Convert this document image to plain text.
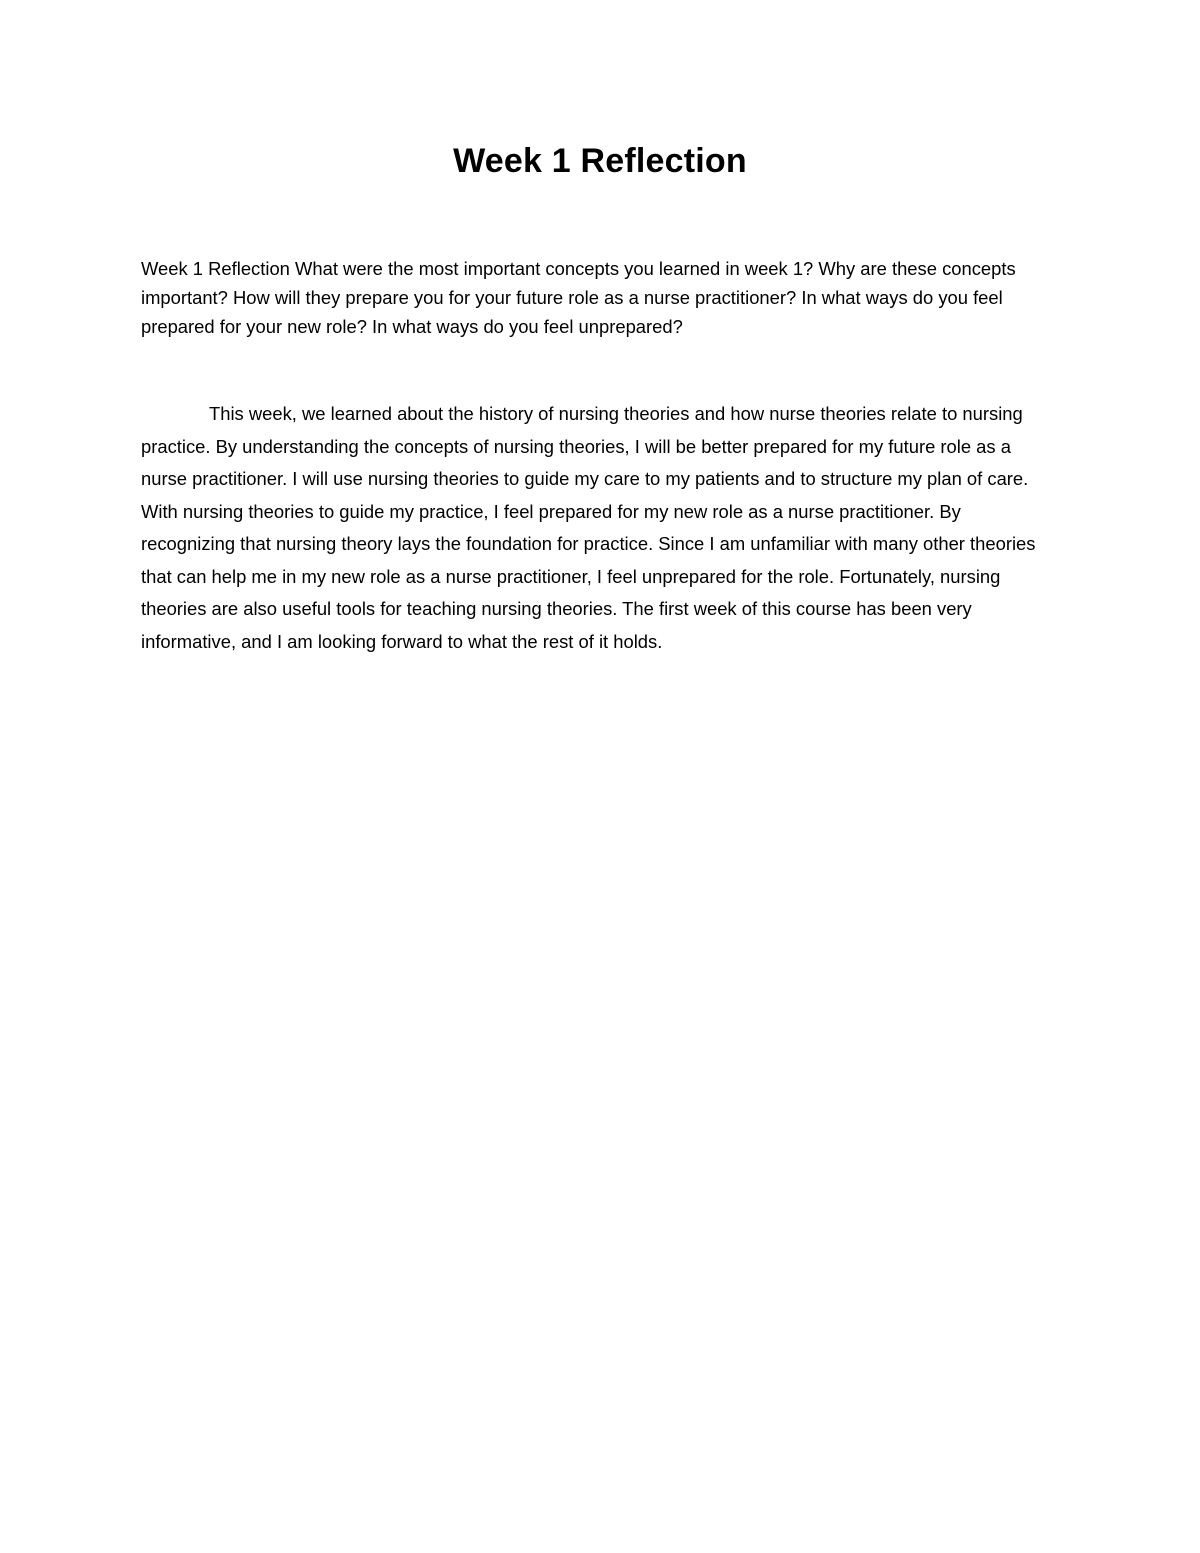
Week 1 Reflection

Week 1 Reflection What were the most important concepts you learned in week 1? Why are these concepts important? How will they prepare you for your future role as a nurse practitioner? In what ways do you feel prepared for your new role? In what ways do you feel unprepared?

This week, we learned about the history of nursing theories and how nurse theories relate to nursing practice. By understanding the concepts of nursing theories, I will be better prepared for my future role as a nurse practitioner. I will use nursing theories to guide my care to my patients and to structure my plan of care. With nursing theories to guide my practice, I feel prepared for my new role as a nurse practitioner. By recognizing that nursing theory lays the foundation for practice. Since I am unfamiliar with many other theories that can help me in my new role as a nurse practitioner, I feel unprepared for the role. Fortunately, nursing theories are also useful tools for teaching nursing theories. The first week of this course has been very informative, and I am looking forward to what the rest of it holds.
